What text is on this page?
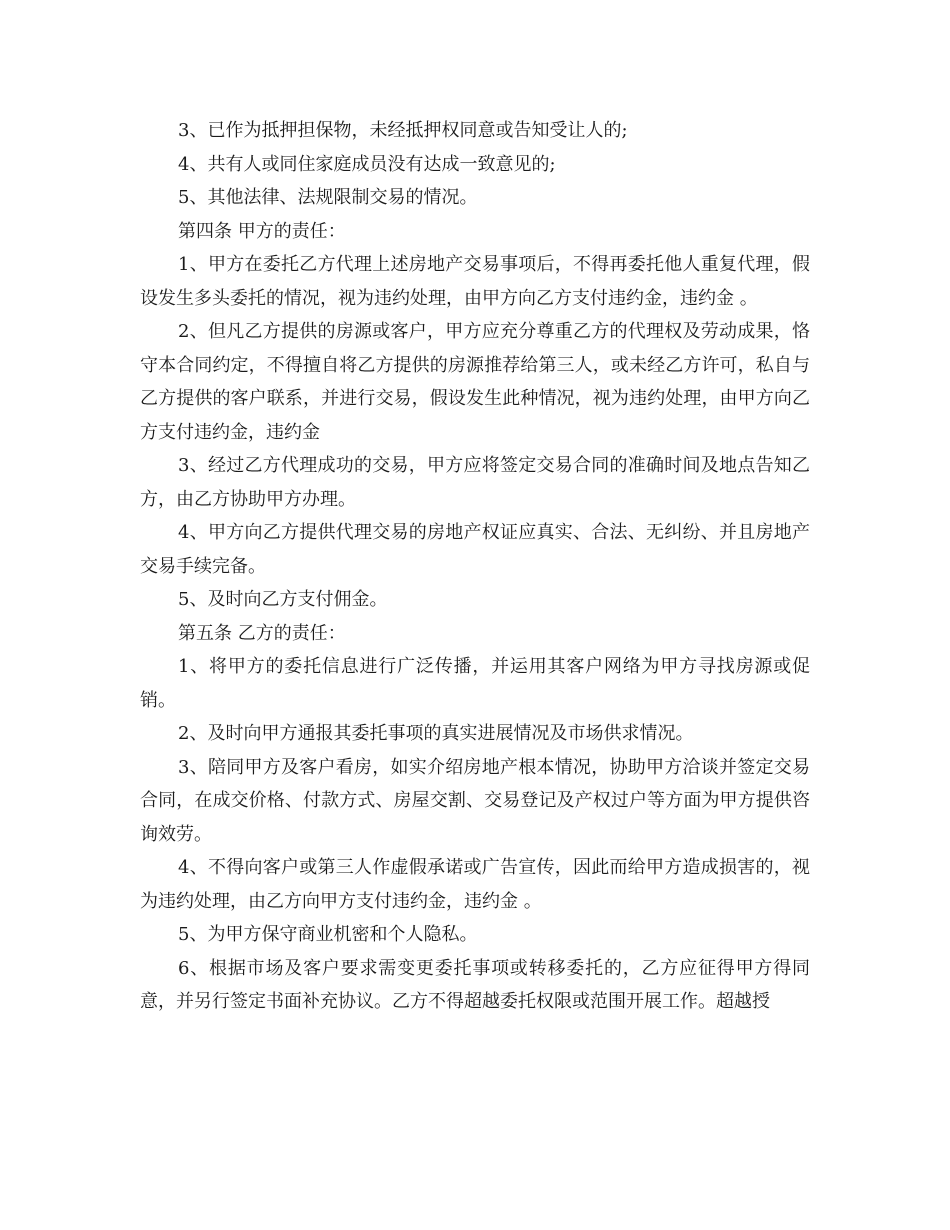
3、已作为抵押担保物，未经抵押权同意或告知受让人的;

4、共有人或同住家庭成员没有达成一致意见的;

5、其他法律、法规限制交易的情况。

第四条 甲方的责任：

1、甲方在委托乙方代理上述房地产交易事项后，不得再委托他人重复代理，假设发生多头委托的情况，视为违约处理，由甲方向乙方支付违约金，违约金 。

2、但凡乙方提供的房源或客户，甲方应充分尊重乙方的代理权及劳动成果，恪守本合同约定，不得擅自将乙方提供的房源推荐给第三人，或未经乙方许可，私自与乙方提供的客户联系，并进行交易，假设发生此种情况，视为违约处理，由甲方向乙方支付违约金，违约金

3、经过乙方代理成功的交易，甲方应将签定交易合同的准确时间及地点告知乙方，由乙方协助甲方办理。

4、甲方向乙方提供代理交易的房地产权证应真实、合法、无纠纷、并且房地产交易手续完备。

5、及时向乙方支付佣金。

第五条 乙方的责任：

1、将甲方的委托信息进行广泛传播，并运用其客户网络为甲方寻找房源或促销。

2、及时向甲方通报其委托事项的真实进展情况及市场供求情况。

3、陪同甲方及客户看房，如实介绍房地产根本情况，协助甲方洽谈并签定交易合同，在成交价格、付款方式、房屋交割、交易登记及产权过户等方面为甲方提供咨询效劳。

4、不得向客户或第三人作虚假承诺或广告宣传，因此而给甲方造成损害的，视为违约处理，由乙方向甲方支付违约金，违约金 。

5、为甲方保守商业机密和个人隐私。

6、根据市场及客户要求需变更委托事项或转移委托的，乙方应征得甲方得同意，并另行签定书面补充协议。乙方不得超越委托权限或范围开展工作。超越授
